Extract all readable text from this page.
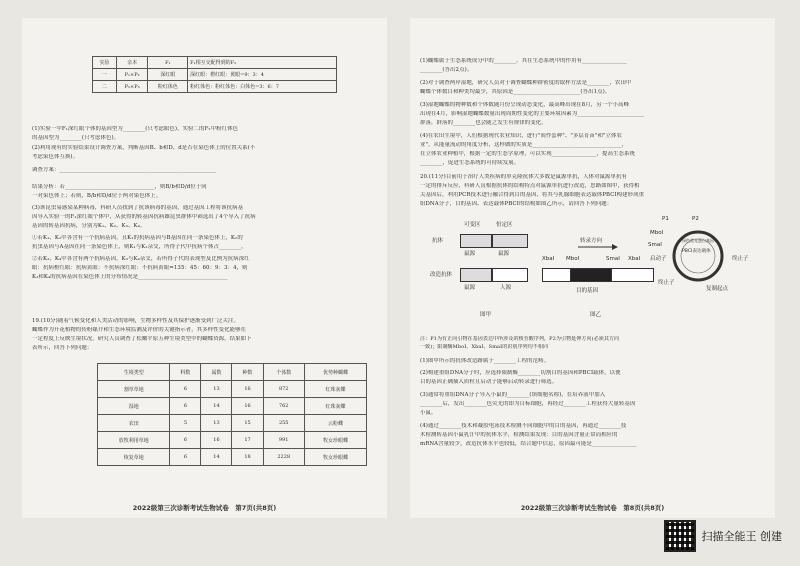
实验	亲本	F₁	F₁相互交配得到的F₂
一	P₁×P₂	深红眼	深红眼：橙红眼：黄眼=9：3：4
二	P₂×P₃	粉红体色	粉红体色：粉红体色：白体色=3：6：7
(1)实验一中F₁深红眼个体的基因型为________(只考虑眼色)，实验二的F₂中粉红体色
的基因型为________(只考虑体色)。
(2)利用现有的实验结果设计调查方案，判断基因B、b和D、d是否在染色体上的位置关系(不
考虑染色体互换)。
调查方案：________________________________________________________
结果分析：若________________________________，则B/b和D/d位于同
一对染色体上；若则，B/b和D/d位于两对染色体上。
(3)该昆虫易感染某种病毒，科研人员找到了抗该病毒的基因，通过基因工程将该抗病基
因导入实验一的F₁深红眼个体中，从获得的转基因抗病雄昆虫群体中筛选出了4个导入了抗病
基因的转基因抗病，分别为K₁、K₂、K₃、K₄。
①若K₁、K₂中各含有一个抗病基因，且K₁的抗病基因与B基因在同一条染色体上，K₂的
抗虫基因与A基因在同一条染色体上，则K₁与K₂杂交，所得子代中抗病个体占________。
②若K₃、K₄中各含有两个抗病基因，K₃与K₄杂交，若所得子代的表现型及比例为抗病深红
眼：抗病橙红眼：抗病黄眼：不抗病深红眼：不抗病黄眼=135：45：60：9：3：4，则
K₃和K₄的抗病基因在染色体上的分布情况是________________________________
19.(10分)随着气候变化和人类活动的影响，生物多样性及其保护逐渐受到广泛关注。
蝴蝶作为开花植物的传粉媒介和生态环境监测及评价的关键指示者，其多样性变化能够在
一定程度上反映生境状况。研究人员调查了松嫩平原五种生境类型中的蝴蝶资源，结果如下
表所示，回答下列问题：
生境类型	科数	属数	种数	个体数	优势种蝴蝶
割草草地	6	13	16	872	红珠灰蝶
湿地	6	14	16	762	红珠灰蝶
农田	5	13	15	255	云粉蝶
放牧利用草地	6	16	17	991	牧女珍眼蝶
恢复草地	6	14	18	2228	牧女珍眼蝶
2022级第三次诊断考试生物试卷　第7页(共8页)
(1)蝴蝶属于生态系统成分中的________，其在生态系统中的作用有________________
________(答出2点)。
(2)对于调查两岸湿地，研究人员对于调查蝴蝶种群密度的取样方法是________，农田中
蝴蝶个体数目和种类均最少，其原因是________________________(答出1点)。
(3)湿地蝴蝶的物种数和个体数随月份呈现动态变化，最高峰出现在8月，另一个小高峰
出现在4月，影响湿地蝴蝶数量出现周期性变化的主要环境因素为________________________
群落，群落的________也会随之发生有规律的变化。
(4)在农田生境中，人们根据现代农业知识，进行"间作套种"、"多层育苗"和"立体农
业"，从能量流动的角度分析，这样做的实质是________________________________，
在立体农业种植中，根据一定的生态学原理，可以实现________________，提高生态系统
________，促进生态系统的可持续发展。
20.(11分)目前用于治疗人类疾病的单克隆抗体大多数是鼠源单抗，人体对鼠源单抗有
一定的排斥反应，科研人员根据抗体的结构特点对鼠源单抗进行改造，思路如图甲，获得相
关基因后，利用PCR技术进行融合得到目的基因，将其与乳腺细胞表达载体PBCI构建形成重
组DNA分子，目的基因、表达载体PBCI的结构如图乙所示，请回答下列问题：
可变区	恒定区
抗体
鼠源	鼠源
改造抗体
鼠源	人源
图甲
转录方向
XbaI MboI	SmaI XbaI
目的基因
图乙
PBCI表达载体
绿色荧光蛋白基因
P1	P2
MboI
SmaI
启动子	终止子
终止子
复制起点
注：P1为有正向引物在基因表达中所涉及的核苷酸序列，P2为引物延伸方向(必须其方向
一致)；限制酶MboI、XbaI、SmaI的识别序列均不相同
(1)图甲所示的抗体改造路属于________工程的范畴。
(2)构建重组DNA分子时，应选择限制酶________切割目的基因和PBCI载体，以便
目的基因正确插入质粒且启动子能够启动转录进行筛选。
(3)通常将重组DNA分子导入小鼠的________(填细胞名称)，在培养液中加入
________后，发出________色荧光的即为目标细胞，再经过________工程获得大量转基因
小鼠。
(4)通过________技术和凝胶电泳技术检测不同细胞中的目的基因，再通过________技
术检测转基因小鼠乳汁中的抗体水平，检测结果发现：目的基因含量正常而相应的
mRNA含量较少，改造抗体水平也较低，结合题中信息，原因最可能是________________
2022级第三次诊断考试生物试卷　第8页(共8页)
扫描全能王 创建
